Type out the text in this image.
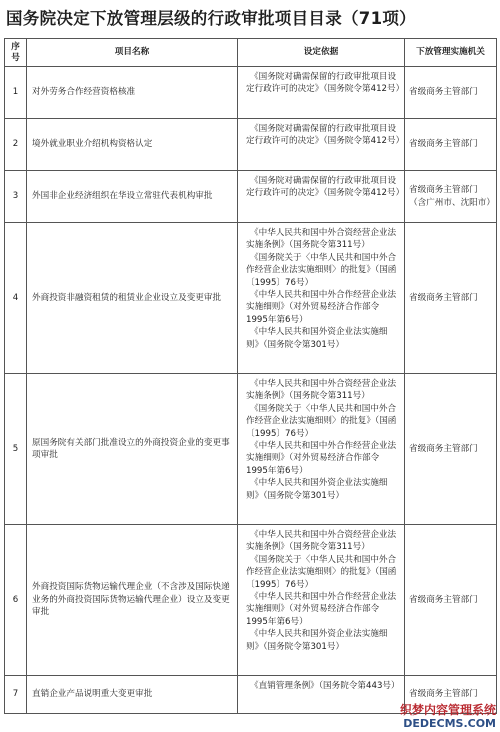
国务院决定下放管理层级的行政审批项目目录（71项）
序号	项目名称	设定依据	下放管理实施机关
1	对外劳务合作经营资格核准	《国务院对确需保留的行政审批项目设定行政许可的决定》（国务院令第412号）	省级商务主管部门
2	境外就业职业介绍机构资格认定	《国务院对确需保留的行政审批项目设定行政许可的决定》（国务院令第412号）	省级商务主管部门
3	外国非企业经济组织在华设立常驻代表机构审批	《国务院对确需保留的行政审批项目设定行政许可的决定》（国务院令第412号）	省级商务主管部门（含广州市、沈阳市）
4	外商投资非融资租赁的租赁业企业设立及变更审批	《中华人民共和国中外合资经营企业法实施条例》（国务院令第311号）
《国务院关于〈中华人民共和国中外合作经营企业法实施细则〉的批复》（国函〔1995〕76号）
《中华人民共和国中外合作经营企业法实施细则》（对外贸易经济合作部令1995年第6号）
《中华人民共和国外资企业法实施细则》（国务院令第301号）	省级商务主管部门
5	原国务院有关部门批准设立的外商投资企业的变更事项审批	《中华人民共和国中外合资经营企业法实施条例》（国务院令第311号）
《国务院关于〈中华人民共和国中外合作经营企业法实施细则〉的批复》（国函〔1995〕76号）
《中华人民共和国中外合作经营企业法实施细则》（对外贸易经济合作部令1995年第6号）
《中华人民共和国外资企业法实施细则》（国务院令第301号）	省级商务主管部门
6	外商投资国际货物运输代理企业（不含涉及国际快递业务的外商投资国际货物运输代理企业）设立及变更审批	《中华人民共和国中外合资经营企业法实施条例》（国务院令第311号）
《国务院关于〈中华人民共和国中外合作经营企业法实施细则〉的批复》（国函〔1995〕76号）
《中华人民共和国中外合作经营企业法实施细则》（对外贸易经济合作部令1995年第6号）
《中华人民共和国外资企业法实施细则》（国务院令第301号）	省级商务主管部门
7	直销企业产品说明重大变更审批	《直销管理条例》（国务院令第443号）	省级商务主管部门
织梦内容管理系统
DEDECMS.COM
